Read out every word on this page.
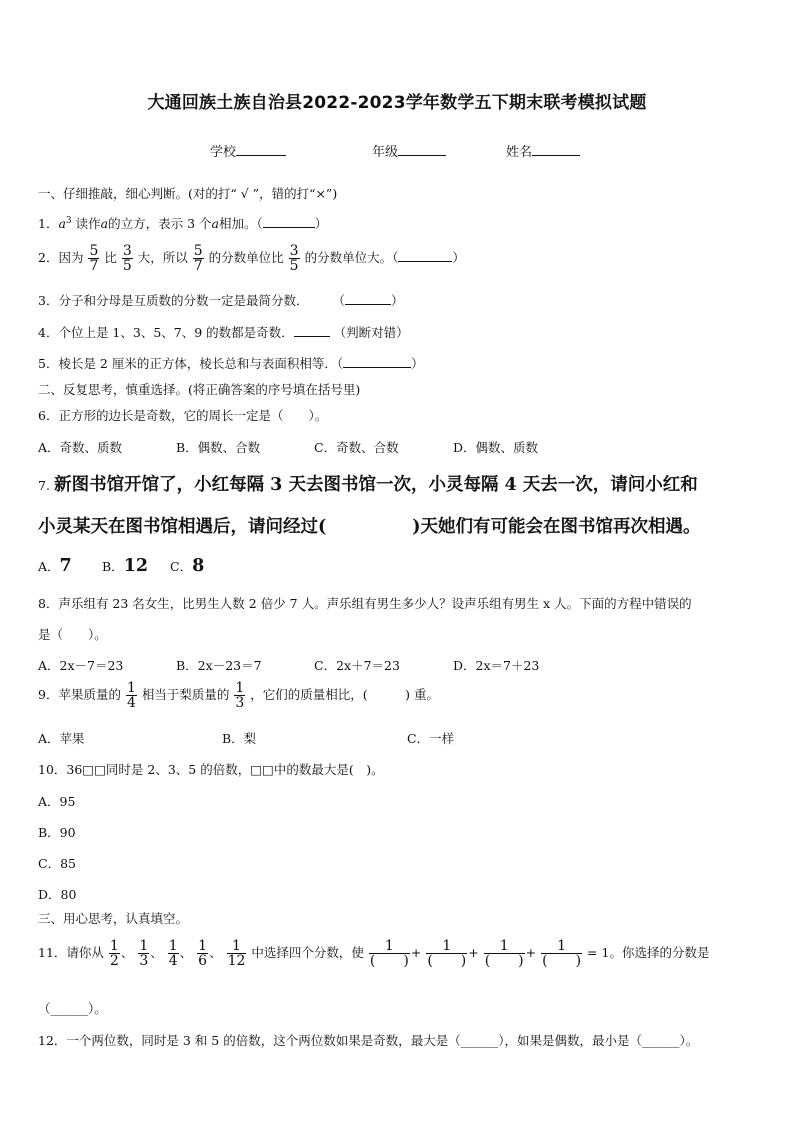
大通回族土族自治县2022-2023学年数学五下期末联考模拟试题
学校	年级	姓名
一、仔细推敲，细心判断。(对的打“ √ ”，错的打“×”)
1．$a^3$ 读作a的立方，表示 3 个a相加。（	）
2．因为 $\frac{5}{7}$ 比 $\frac{3}{5}$ 大，所以 $\frac{5}{7}$ 的分数单位比 $\frac{3}{5}$ 的分数单位大。（	）
3．分子和分母是互质数的分数一定是最简分数． （	）
4．个位上是 1、3、5、7、9 的数都是奇数．	（判断对错）
5．棱长是 2 厘米的正方体，棱长总和与表面积相等．（	）
二、反复思考，慎重选择。(将正确答案的序号填在括号里)
6．正方形的边长是奇数，它的周长一定是（　　）。
A．奇数、质数	B．偶数、合数	C．奇数、合数	D．偶数、质数
7. 新图书馆开馆了，小红每隔 3 天去图书馆一次，小灵每隔 4 天去一次，请问小红和
小灵某天在图书馆相遇后，请问经过(	)天她们有可能会在图书馆再次相遇。
A．7 B．12 C．8
8．声乐组有 23 名女生，比男生人数 2 倍少 7 人。声乐组有男生多少人？设声乐组有男生 x 人。下面的方程中错误的
是（　　）。
A．2x－7＝23	B．2x－23＝7	C．2x＋7＝23	D．2x＝7＋23
9．苹果质量的 $\frac{1}{4}$ 相当于梨质量的 $\frac{1}{3}$ ，它们的质量相比，(　　　) 重。
A．苹果	B．梨	C．一样
10．36□□同时是 2、3、5 的倍数，□□中的数最大是(　)。
A．95
B．90
C．85
D．80
三、用心思考，认真填空。
11．请你从 $\frac{1}{2}$ 、 $\frac{1}{3}$ 、 $\frac{1}{4}$ 、 $\frac{1}{6}$ 、 $\frac{1}{12}$ 中选择四个分数，使 $\frac{1}{( )} + \frac{1}{( )} + \frac{1}{( )} + \frac{1}{( )} = 1$。你选择的分数是
（______）。
12．一个两位数，同时是 3 和 5 的倍数，这个两位数如果是奇数，最大是（______），如果是偶数，最小是（______）。
